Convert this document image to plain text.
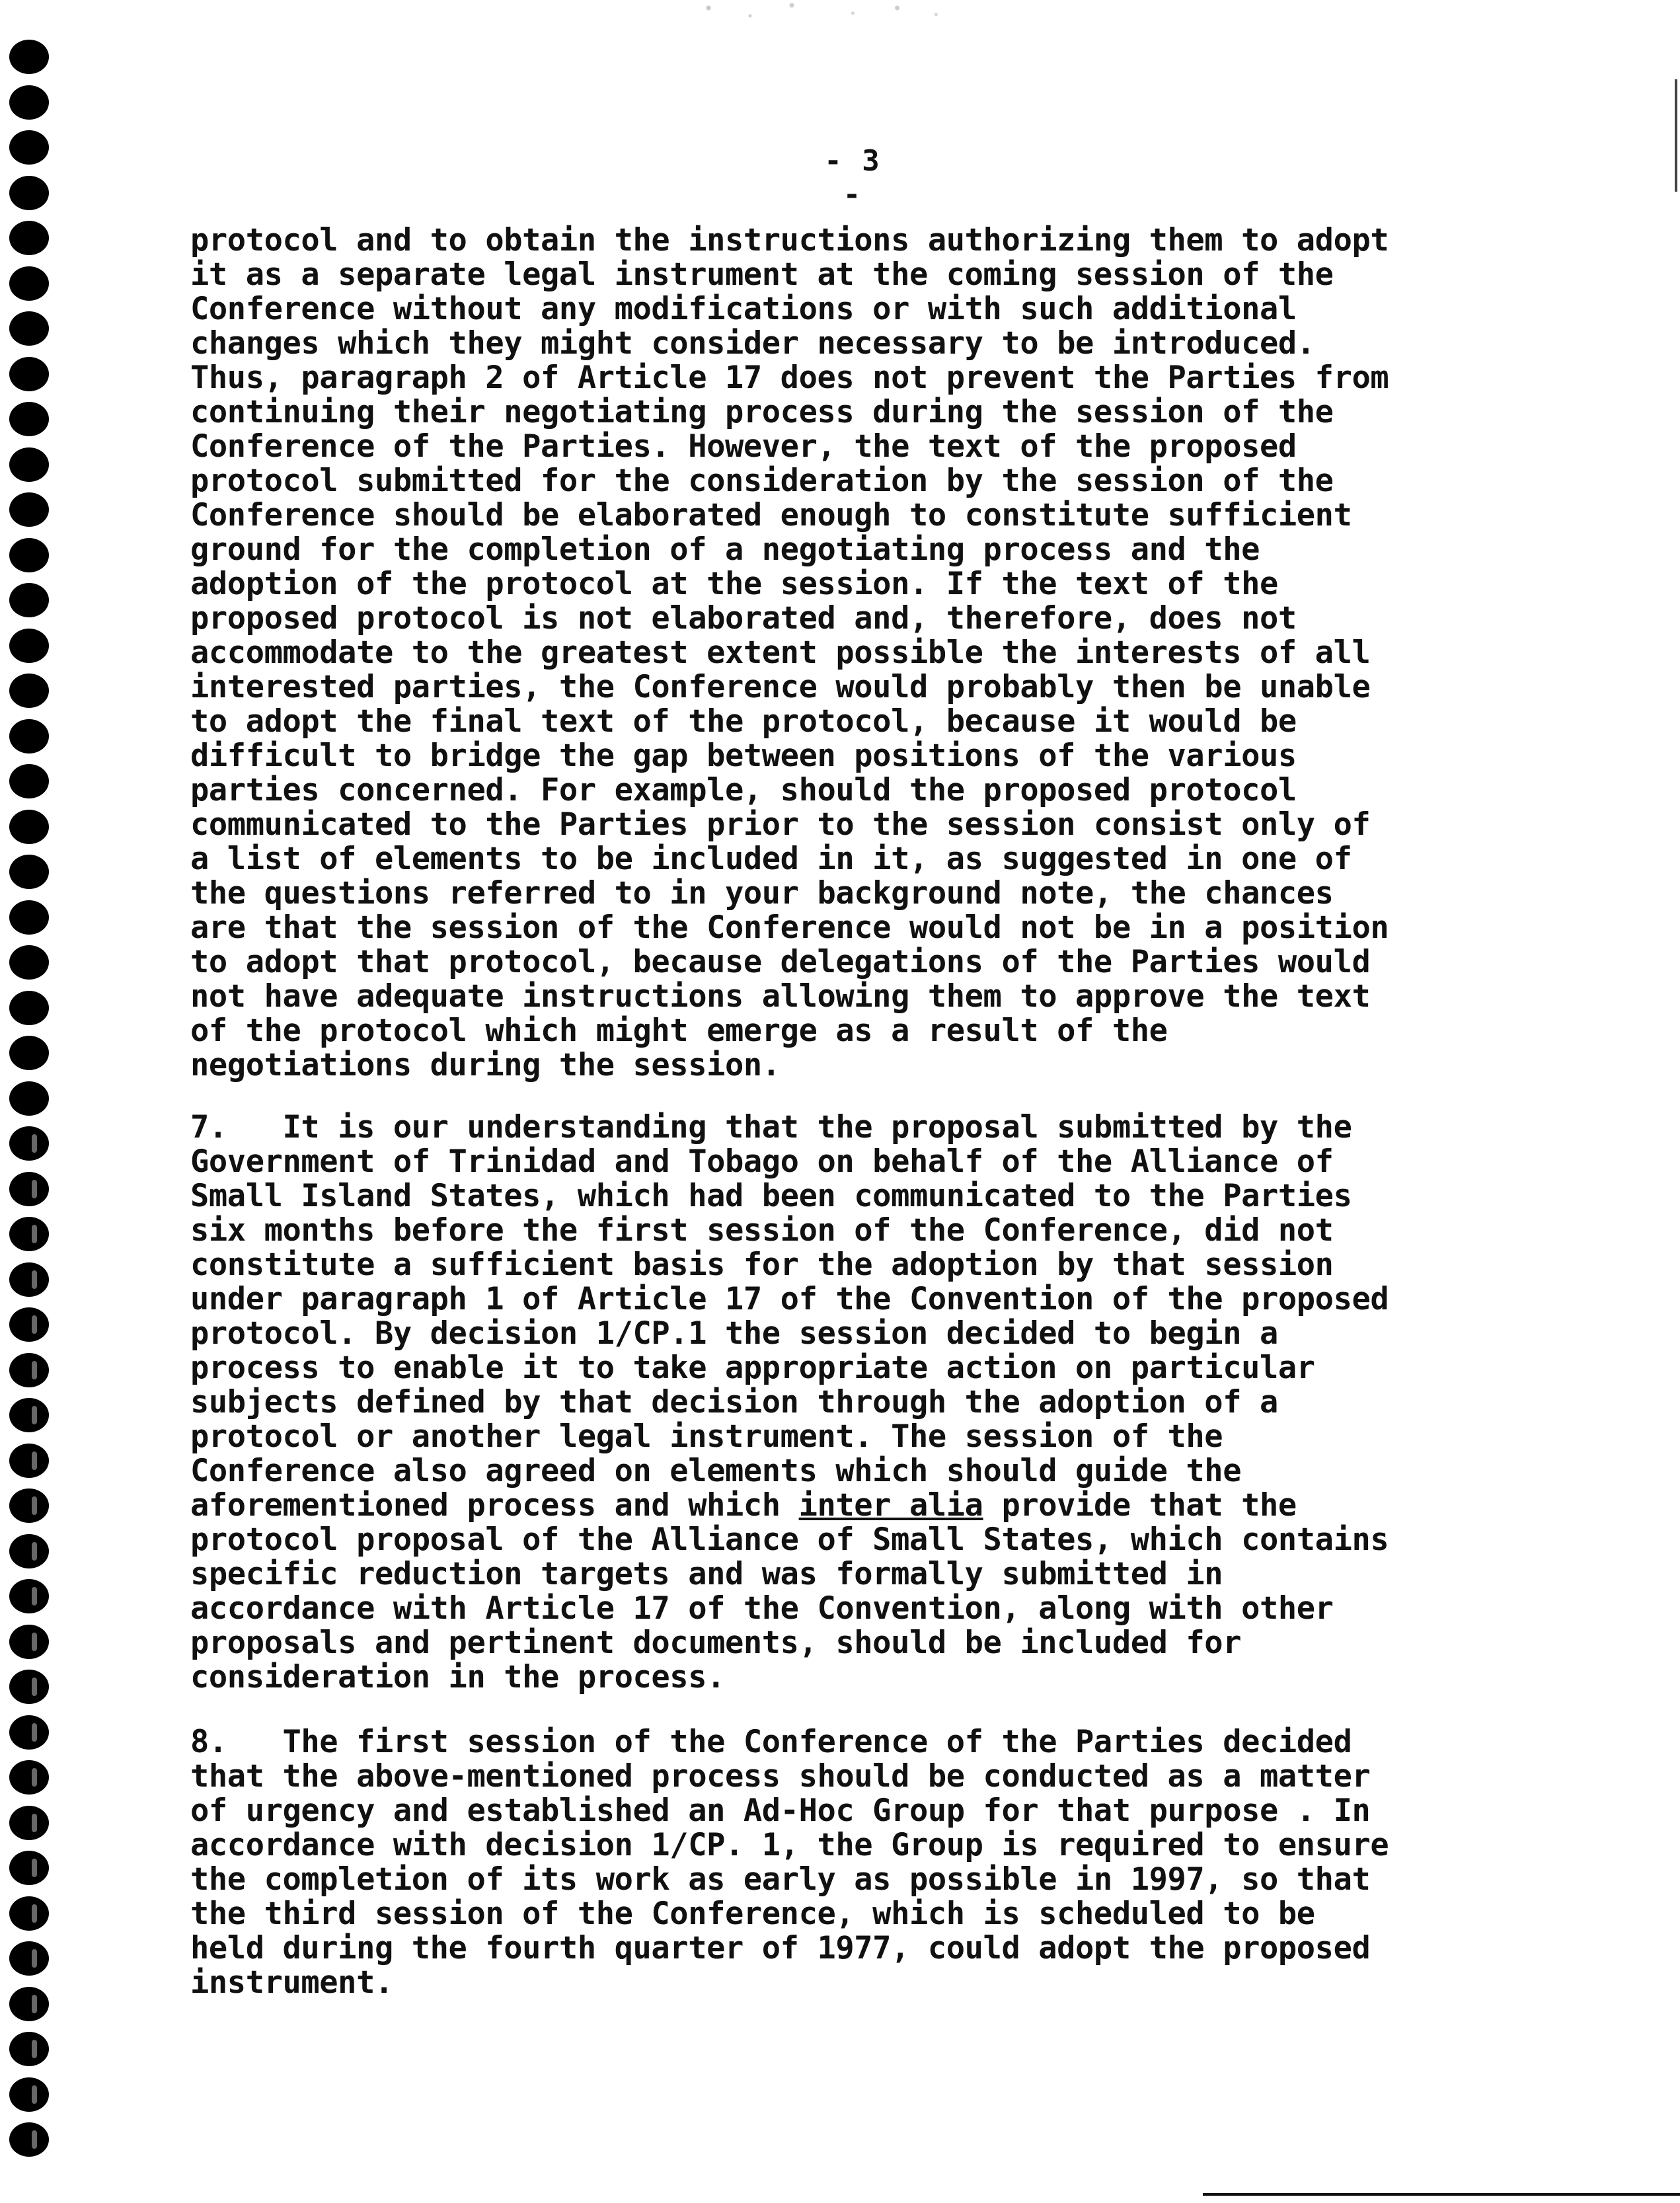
- 3 -
protocol and to obtain the instructions authorizing them to adopt
it as a separate legal instrument at the coming session of the
Conference without any modifications or with such additional
changes which they might consider necessary to be introduced.
Thus, paragraph 2 of Article 17 does not prevent the Parties from
continuing their negotiating process during the session of the
Conference of the Parties. However, the text of the proposed
protocol submitted for the consideration by the session of the
Conference should be elaborated enough to constitute sufficient
ground for the completion of a negotiating process and the
adoption of the protocol at the session. If the text of the
proposed protocol is not elaborated and, therefore, does not
accommodate to the greatest extent possible the interests of all
interested parties, the Conference would probably then be unable
to adopt the final text of the protocol, because it would be
difficult to bridge the gap between positions of the various
parties concerned. For example, should the proposed protocol
communicated to the Parties prior to the session consist only of
a list of elements to be included in it, as suggested in one of
the questions referred to in your background note, the chances
are that the session of the Conference would not be in a position
to adopt that protocol, because delegations of the Parties would
not have adequate instructions allowing them to approve the text
of the protocol which might emerge as a result of the
negotiations during the session.
7.   It is our understanding that the proposal submitted by the
Government of Trinidad and Tobago on behalf of the Alliance of
Small Island States, which had been communicated to the Parties
six months before the first session of the Conference, did not
constitute a sufficient basis for the adoption by that session
under paragraph 1 of Article 17 of the Convention of the proposed
protocol. By decision 1/CP.1 the session decided to begin a
process to enable it to take appropriate action on particular
subjects defined by that decision through the adoption of a
protocol or another legal instrument. The session of the
Conference also agreed on elements which should guide the
aforementioned process and which inter alia provide that the
protocol proposal of the Alliance of Small States, which contains
specific reduction targets and was formally submitted in
accordance with Article 17 of the Convention, along with other
proposals and pertinent documents, should be included for
consideration in the process.
8.   The first session of the Conference of the Parties decided
that the above-mentioned process should be conducted as a matter
of urgency and established an Ad-Hoc Group for that purpose . In
accordance with decision 1/CP. 1, the Group is required to ensure
the completion of its work as early as possible in 1997, so that
the third session of the Conference, which is scheduled to be
held during the fourth quarter of 1977, could adopt the proposed
instrument.
